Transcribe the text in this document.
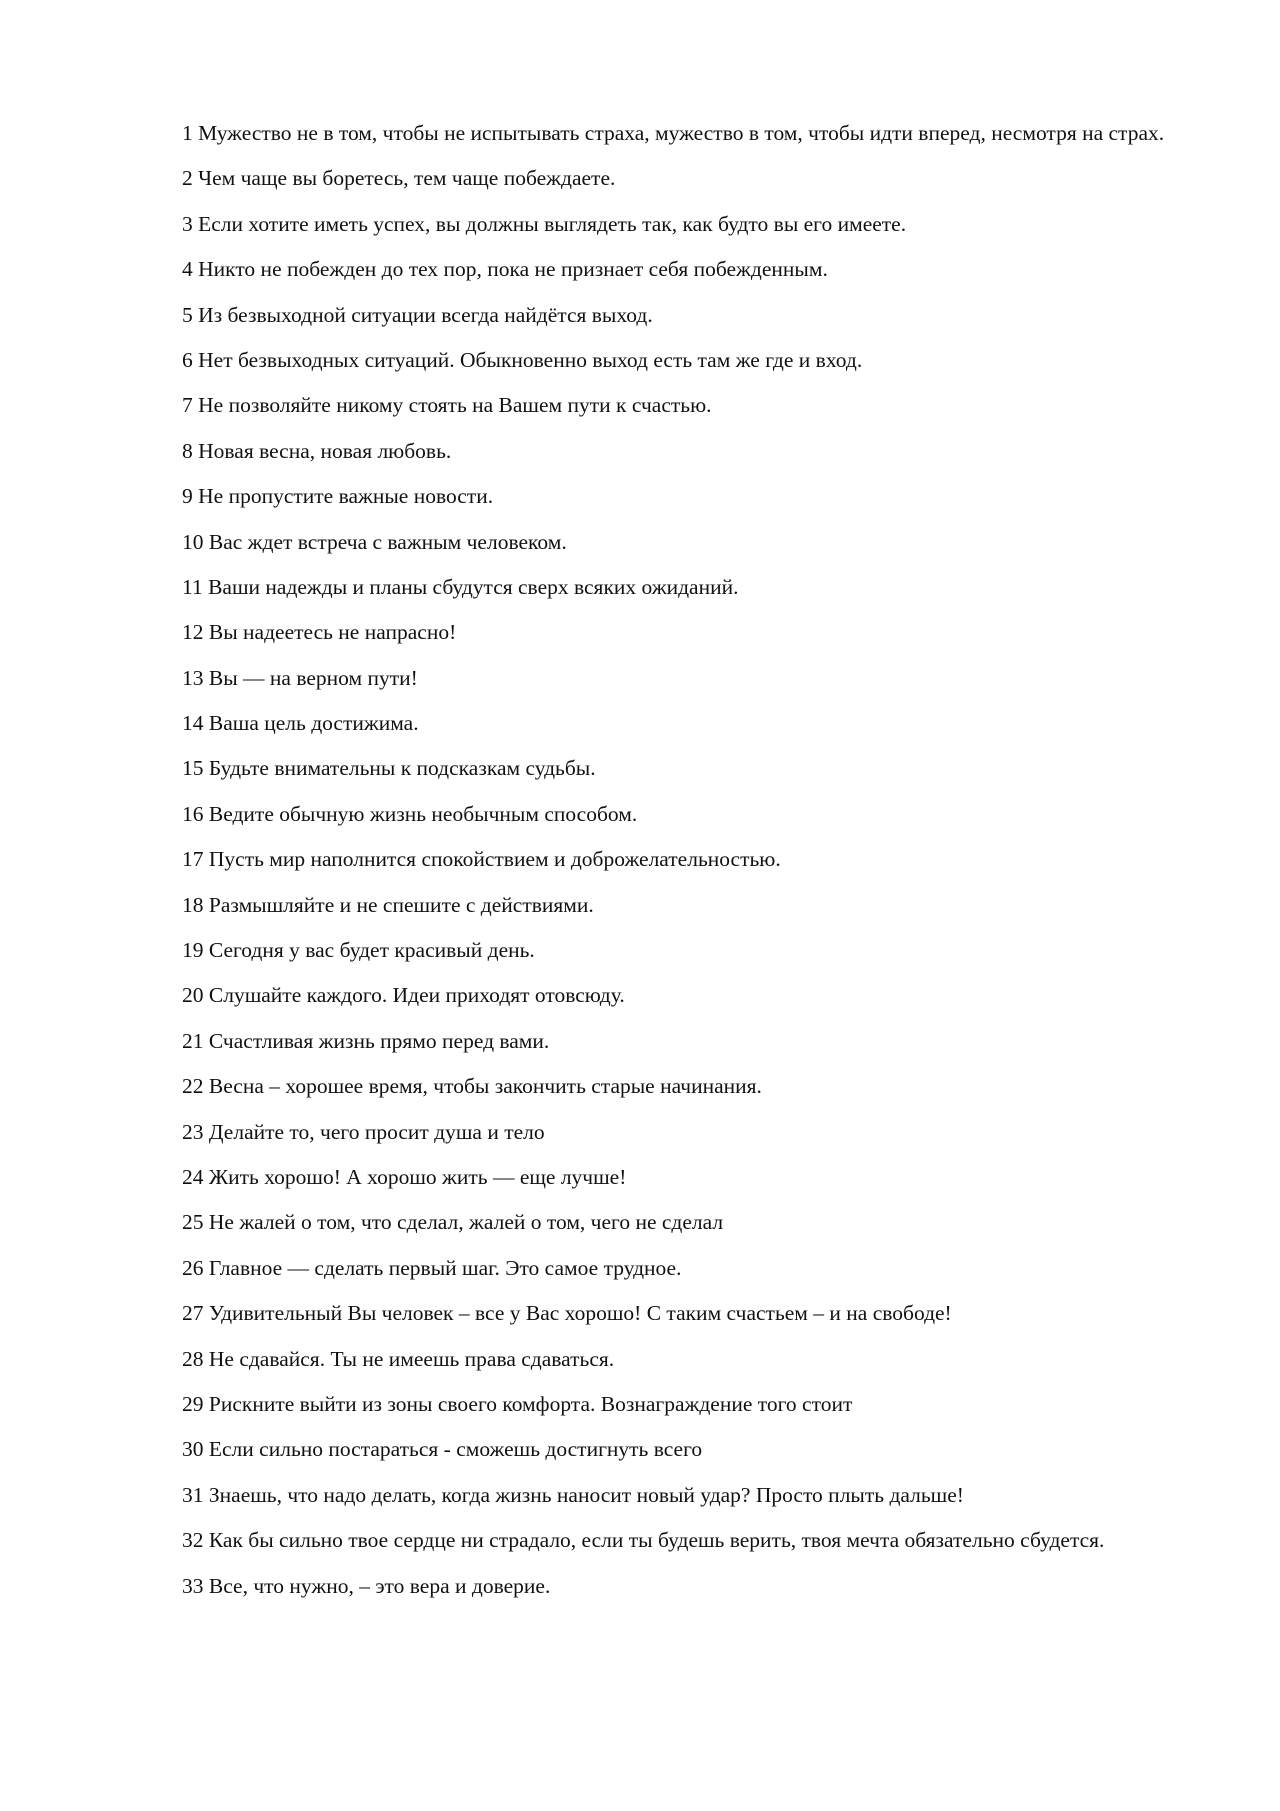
1 Мужество не в том, чтобы не испытывать страха, мужество в том, чтобы идти вперед, несмотря на страх.
2 Чем чаще вы боретесь, тем чаще побеждаете.
3 Если хотите иметь успех, вы должны выглядеть так, как будто вы его имеете.
4 Никто не побежден до тех пор, пока не признает себя побежденным.
5 Из безвыходной ситуации всегда найдётся выход.
6 Нет безвыходных ситуаций. Обыкновенно выход есть там же где и вход.
7 Не позволяйте никому стоять на Вашем пути к счастью.
8 Новая весна, новая любовь.
9 Не пропустите важные новости.
10 Вас ждет встреча с важным человеком.
11 Ваши надежды и планы сбудутся сверх всяких ожиданий.
12 Вы надеетесь не напрасно!
13 Вы — на верном пути!
14 Ваша цель достижима.
15 Будьте внимательны к подсказкам судьбы.
16 Ведите обычную жизнь необычным способом.
17 Пусть мир наполнится спокойствием и доброжелательностью.
18 Размышляйте и не спешите с действиями.
19 Сегодня у вас будет красивый день.
20 Слушайте каждого. Идеи приходят отовсюду.
21 Счастливая жизнь прямо перед вами.
22 Весна – хорошее время, чтобы закончить старые начинания.
23 Делайте то, чего просит душа и тело
24 Жить хорошо! А хорошо жить — еще лучше!
25 Не жалей о том, что сделал, жалей о том, чего не сделал
26 Главное — сделать первый шаг. Это самое трудное.
27 Удивительный Вы человек – все у Вас хорошо! С таким счастьем – и на свободе!
28 Не сдавайся. Ты не имеешь права сдаваться.
29 Рискните выйти из зоны своего комфорта. Вознаграждение того стоит
30 Если сильно постараться - сможешь достигнуть всего
31 Знаешь, что надо делать, когда жизнь наносит новый удар? Просто плыть дальше!
32 Как бы сильно твое сердце ни страдало, если ты будешь верить, твоя мечта обязательно сбудется.
33 Все, что нужно, – это вера и доверие.
